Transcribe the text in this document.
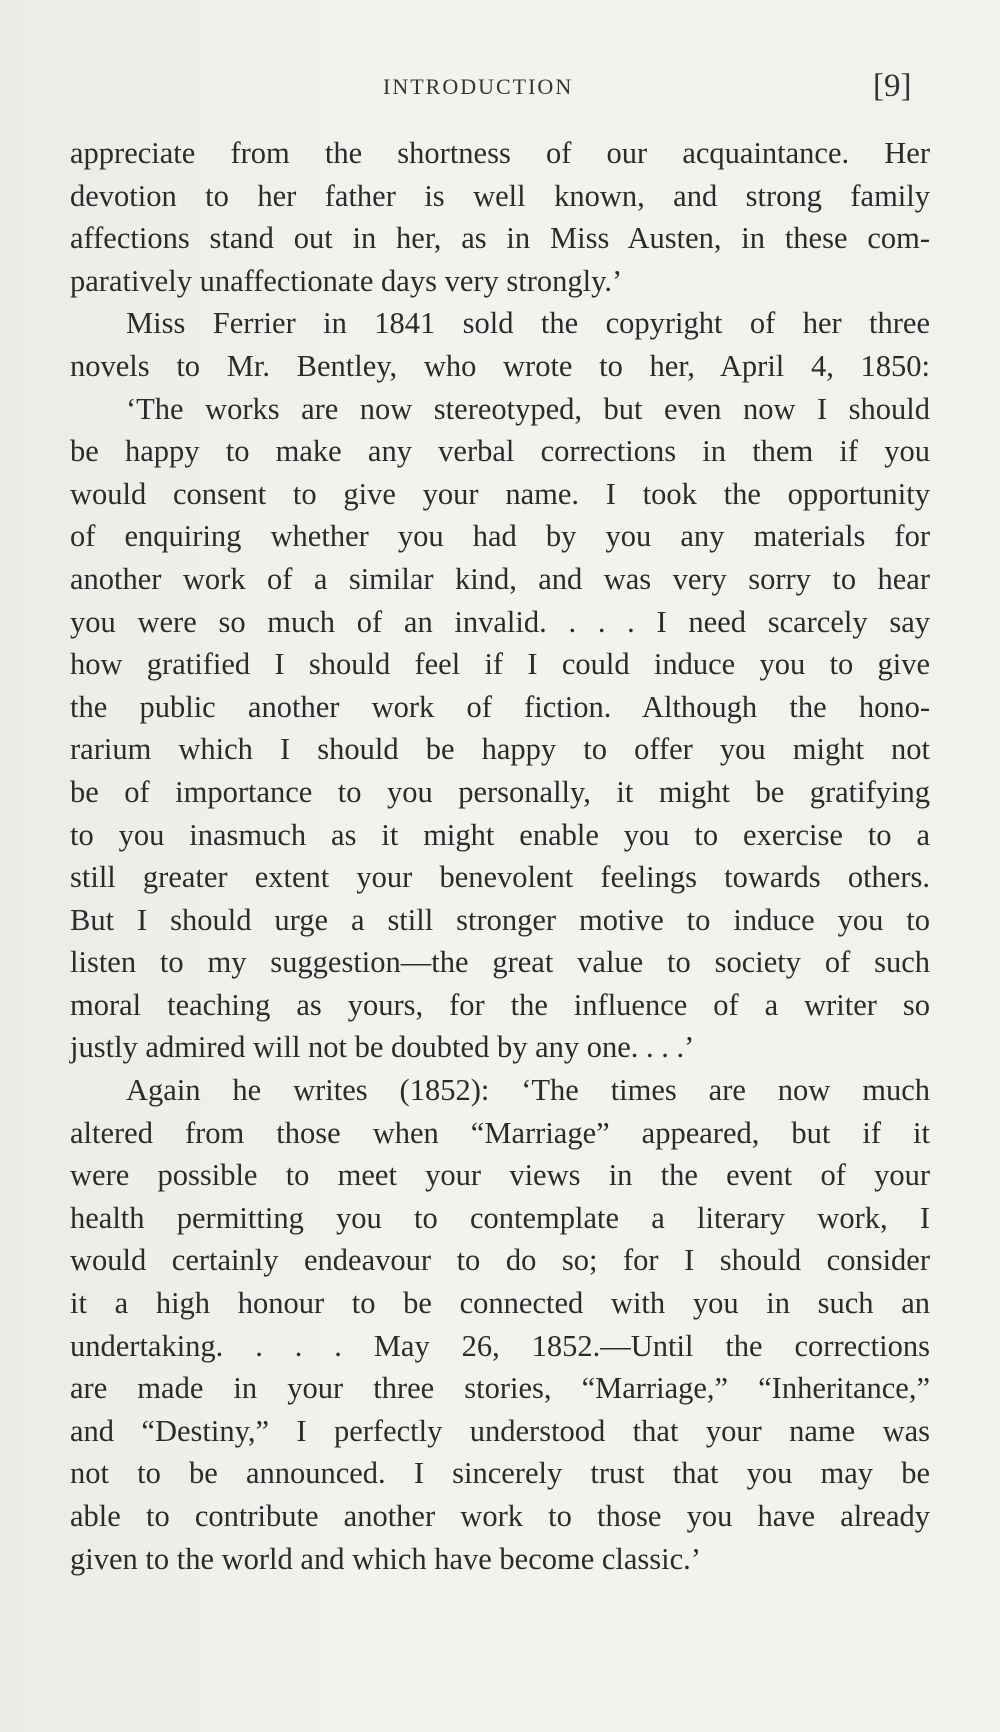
INTRODUCTION	[9]
appreciate from the shortness of our acquaintance. Her
devotion to her father is well known, and strong family
affections stand out in her, as in Miss Austen, in these com-
paratively unaffectionate days very strongly.’
Miss Ferrier in 1841 sold the copyright of her three
novels to Mr. Bentley, who wrote to her, April 4, 1850:
‘The works are now stereotyped, but even now I should
be happy to make any verbal corrections in them if you
would consent to give your name. I took the opportunity
of enquiring whether you had by you any materials for
another work of a similar kind, and was very sorry to hear
you were so much of an invalid. . . . I need scarcely say
how gratified I should feel if I could induce you to give
the public another work of fiction. Although the hono-
rarium which I should be happy to offer you might not
be of importance to you personally, it might be gratifying
to you inasmuch as it might enable you to exercise to a
still greater extent your benevolent feelings towards others.
But I should urge a still stronger motive to induce you to
listen to my suggestion—the great value to society of such
moral teaching as yours, for the influence of a writer so
justly admired will not be doubted by any one. . . .’
Again he writes (1852): ‘The times are now much
altered from those when “Marriage” appeared, but if it
were possible to meet your views in the event of your
health permitting you to contemplate a literary work, I
would certainly endeavour to do so; for I should consider
it a high honour to be connected with you in such an
undertaking. . . . May 26, 1852.—Until the corrections
are made in your three stories, “Marriage,” “Inheritance,”
and “Destiny,” I perfectly understood that your name was
not to be announced. I sincerely trust that you may be
able to contribute another work to those you have already
given to the world and which have become classic.’
